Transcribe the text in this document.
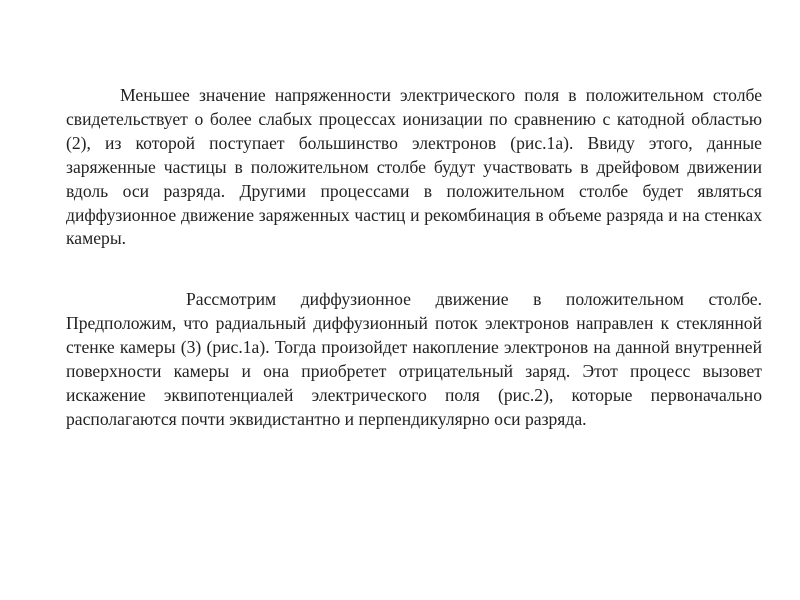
Меньшее значение напряженности электрического поля в положительном столбе свидетельствует о более слабых процессах ионизации по сравнению с катодной областью (2), из которой поступает большинство электронов (рис.1а). Ввиду этого, данные заряженные частицы в положительном столбе будут участвовать в дрейфовом движении вдоль оси разряда. Другими процессами в положительном столбе будет являться диффузионное движение заряженных частиц и рекомбинация в объеме разряда и на стенках камеры.

Рассмотрим диффузионное движение в положительном столбе. Предположим, что радиальный диффузионный поток электронов направлен к стеклянной стенке камеры (3) (рис.1а). Тогда произойдет накопление электронов на данной внутренней поверхности камеры и она приобретет отрицательный заряд. Этот процесс вызовет искажение эквипотенциалей электрического поля (рис.2), которые первоначально располагаются почти эквидистантно и перпендикулярно оси разряда.
